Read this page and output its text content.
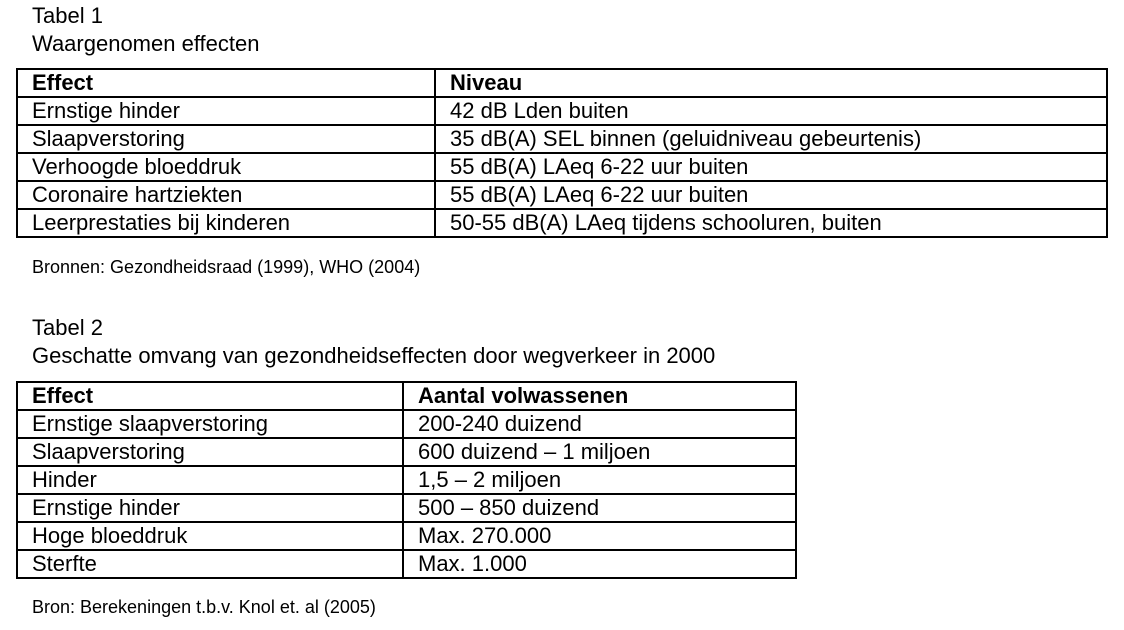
Tabel 1
Waargenomen effecten
Effect	Niveau
Ernstige hinder	42 dB Lden buiten
Slaapverstoring	35 dB(A) SEL binnen (geluidniveau gebeurtenis)
Verhoogde bloeddruk	55 dB(A) LAeq 6-22 uur buiten
Coronaire hartziekten	55 dB(A) LAeq 6-22 uur buiten
Leerprestaties bij kinderen	50-55 dB(A) LAeq tijdens schooluren, buiten
Bronnen: Gezondheidsraad (1999), WHO (2004)
Tabel 2
Geschatte omvang van gezondheidseffecten door wegverkeer in 2000
Effect	Aantal volwassenen
Ernstige slaapverstoring	200-240 duizend
Slaapverstoring	600 duizend – 1 miljoen
Hinder	1,5 – 2 miljoen
Ernstige hinder	500 – 850 duizend
Hoge bloeddruk	Max. 270.000
Sterfte	Max. 1.000
Bron: Berekeningen t.b.v. Knol et. al (2005)
